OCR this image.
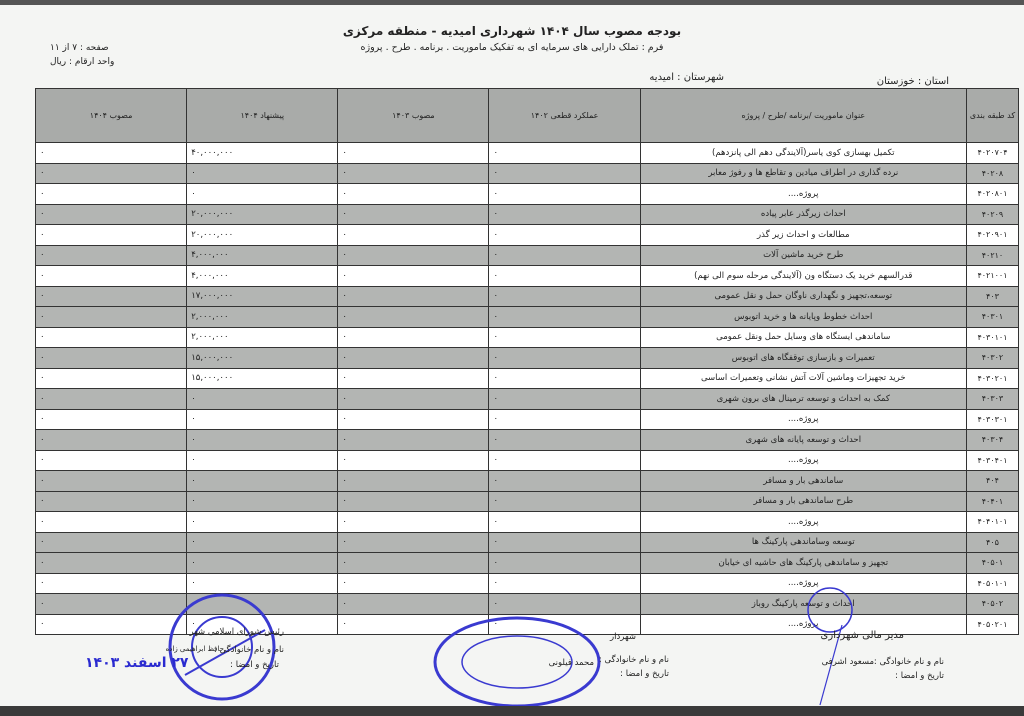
بودجه مصوب سال ۱۴۰۴ شهرداری امیدیه - منطقه مرکزی
فرم : تملک دارایی های سرمایه ای به تفکیک ماموریت . برنامه . طرح . پروژه
صفحه : ۷ از ۱۱
واحد ارقام : ریال
استان : خوزستان
شهرستان : امیدیه
کد طبقه بندی	عنوان ماموریت /برنامه /طرح / پروژه	عملکرد قطعی ۱۴۰۲	مصوب ۱۴۰۳	پیشنهاد ۱۴۰۴	مصوب ۱۴۰۴
۴۰۲۰۷۰۴	تکمیل بهسازی کوی یاسر(آلایندگی دهم الی پانزدهم)	۰	۰	۴۰,۰۰۰,۰۰۰	۰
۴۰۲۰۸	نرده گذاری در اطراف میادین و تقاطع ها و رفوژ معابر	۰	۰	۰	۰
۴۰۲۰۸۰۱	پروژه....	۰	۰	۰	۰
۴۰۲۰۹	احداث زیرگذر عابر پیاده	۰	۰	۲۰,۰۰۰,۰۰۰	۰
۴۰۲۰۹۰۱	مطالعات و احداث زیر گذر	۰	۰	۲۰,۰۰۰,۰۰۰	۰
۴۰۲۱۰	طرح خرید ماشین آلات	۰	۰	۴,۰۰۰,۰۰۰	۰
۴۰۲۱۰۰۱	قدرالسهم خرید یک دستگاه ون (آلایندگی مرحله سوم الی نهم)	۰	۰	۴,۰۰۰,۰۰۰	۰
۴۰۳	توسعه،تجهیز و نگهداری ناوگان حمل و نقل عمومی	۰	۰	۱۷,۰۰۰,۰۰۰	۰
۴۰۳۰۱	احداث خطوط وپایانه ها و خرید اتوبوس	۰	۰	۲,۰۰۰,۰۰۰	۰
۴۰۳۰۱۰۱	ساماندهی ایستگاه های وسایل حمل ونقل عمومی	۰	۰	۲,۰۰۰,۰۰۰	۰
۴۰۳۰۲	تعمیرات و بازسازی توقفگاه های اتوبوس	۰	۰	۱۵,۰۰۰,۰۰۰	۰
۴۰۳۰۲۰۱	خرید تجهیزات وماشین آلات آتش نشانی وتعمیرات اساسی	۰	۰	۱۵,۰۰۰,۰۰۰	۰
۴۰۳۰۳	کمک به احداث و توسعه ترمینال های برون شهری	۰	۰	۰	۰
۴۰۳۰۳۰۱	پروژه....	۰	۰	۰	۰
۴۰۳۰۴	احداث و توسعه پایانه های شهری	۰	۰	۰	۰
۴۰۳۰۴۰۱	پروژه....	۰	۰	۰	۰
۴۰۴	ساماندهی بار و مسافر	۰	۰	۰	۰
۴۰۴۰۱	طرح ساماندهی بار و مسافر	۰	۰	۰	۰
۴۰۴۰۱۰۱	پروژه....	۰	۰	۰	۰
۴۰۵	توسعه وساماندهی پارکینگ ها	۰	۰	۰	۰
۴۰۵۰۱	تجهیز و ساماندهی پارکینگ های حاشیه ای خیابان	۰	۰	۰	۰
۴۰۵۰۱۰۱	پروژه....	۰	۰	۰	۰
۴۰۵۰۲	احداث و توسعه پارکینگ روباز	۰	۰	۰	۰
۴۰۵۰۲۰۱	پروژه....	۰	۰	۰	۰
مدیر مالی شهرداری
نام و نام خانوادگی :
مسعود اشرفی
تاریخ و امضا :
شهردار
نام و نام خانوادگی :
محمد فیلونی
تاریخ و امضا :
رئیس شورای اسلامی شهر
نام و نام خانوادگی :
حافظ ابراهیمی زاده
تاریخ و امضا :
۲۷ اسفند ۱۴۰۳
